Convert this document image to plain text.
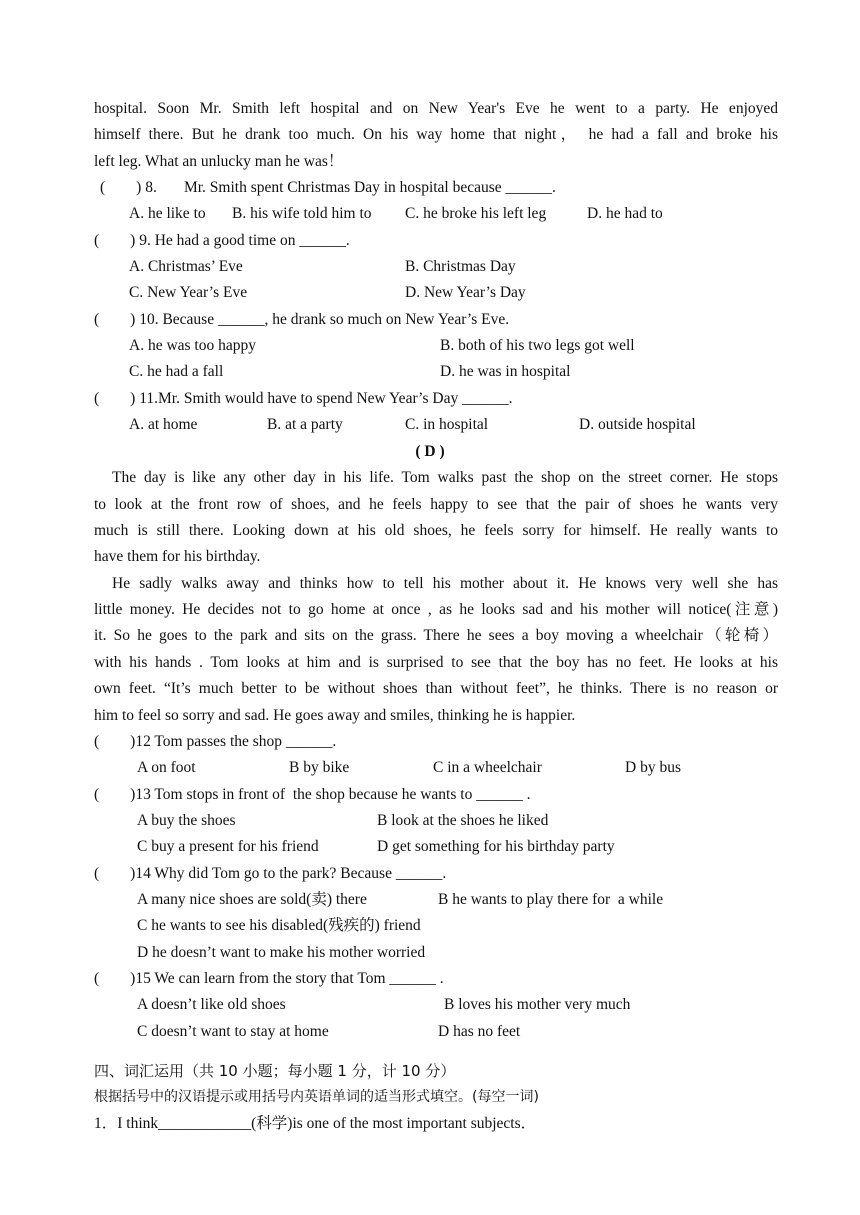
hospital. Soon Mr. Smith left hospital and on New Year's Eve he went to a party. He enjoyed
himself there. But he drank too much. On his way home that night， he had a fall and broke his
left leg. What an unlucky man he was！
(        ) 8.       Mr. Smith spent Christmas Day in hospital because ______.
A. he like to B. his wife told him to C. he broke his left leg	D. he had to
(        ) 9. He had a good time on ______.
A. Christmas’ Eve	B. Christmas Day
C. New Year’s Eve	D. New Year’s Day
(        ) 10. Because ______, he drank so much on New Year’s Eve.
A. he was too happy	B. both of his two legs got well
C. he had a fall	D. he was in hospital
(        ) 11.Mr. Smith would have to spend New Year’s Day ______.
A. at home	B. at a party	C. in hospital	D. outside hospital
( D )
The day is like any other day in his life. Tom walks past the shop on the street corner. He stops
to look at the front row of shoes, and he feels happy to see that the pair of shoes he wants very
much is still there. Looking down at his old shoes, he feels sorry for himself. He really wants to
have them for his birthday.
He sadly walks away and thinks how to tell his mother about it. He knows very well she has
little money. He decides not to go home at once , as he looks sad and his mother will notice(注意)
it. So he goes to the park and sits on the grass. There he sees a boy moving a wheelchair（轮椅）
with his hands . Tom looks at him and is surprised to see that the boy has no feet. He looks at his
own feet. “It’s much better to be without shoes than without feet”, he thinks. There is no reason or
him to feel so sorry and sad. He goes away and smiles, thinking he is happier.
(        )12 Tom passes the shop ______.
A on foot	B by bike	C in a wheelchair	D by bus
(        )13 Tom stops in front of  the shop because he wants to ______ .
A buy the shoes	B look at the shoes he liked
C buy a present for his friend	D get something for his birthday party
(        )14 Why did Tom go to the park? Because ______.
A many nice shoes are sold(卖) there	B he wants to play there for  a while
C he wants to see his disabled(残疾的) friend
D he doesn’t want to make his mother worried
(        )15 We can learn from the story that Tom ______ .
A doesn’t like old shoes	B loves his mother very much
C doesn’t want to stay at home	D has no feet
四、词汇运用（共 10 小题；每小题 1 分，计 10 分）
根据括号中的汉语提示或用括号内英语单词的适当形式填空。(每空一词)
1．I think____________(科学)is one of the most important subjects．
